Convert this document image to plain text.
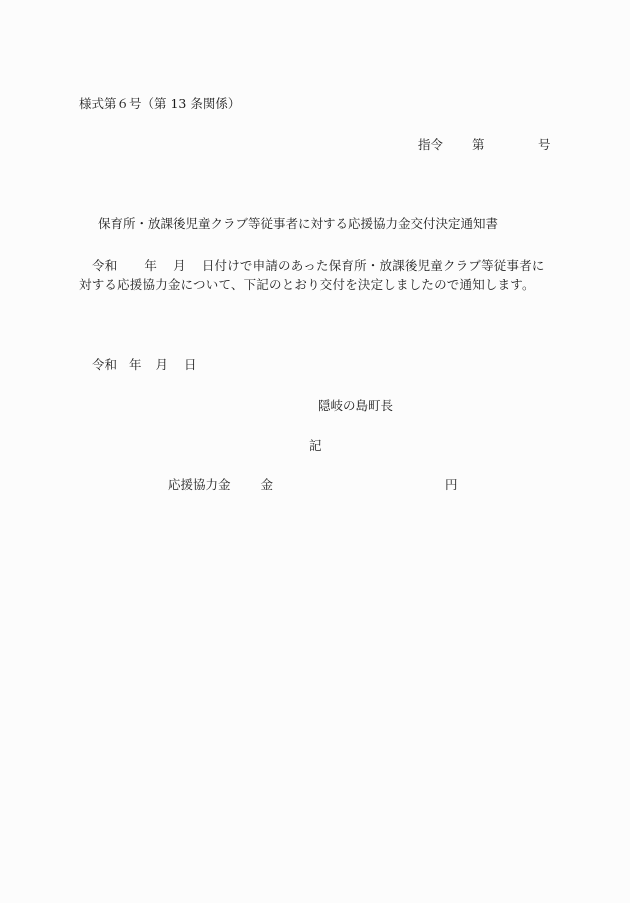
様式第６号（第 13 条関係）
指令	第	号
保育所・放課後児童クラブ等従事者に対する応援協力金交付決定通知書
令和 年 月 日付けで申請のあった保育所・放課後児童クラブ等従事者に対する応援協力金について、下記のとおり交付を決定しましたので通知します。
令和 年 月 日
隠岐の島町長
記
応援協力金 金	円
